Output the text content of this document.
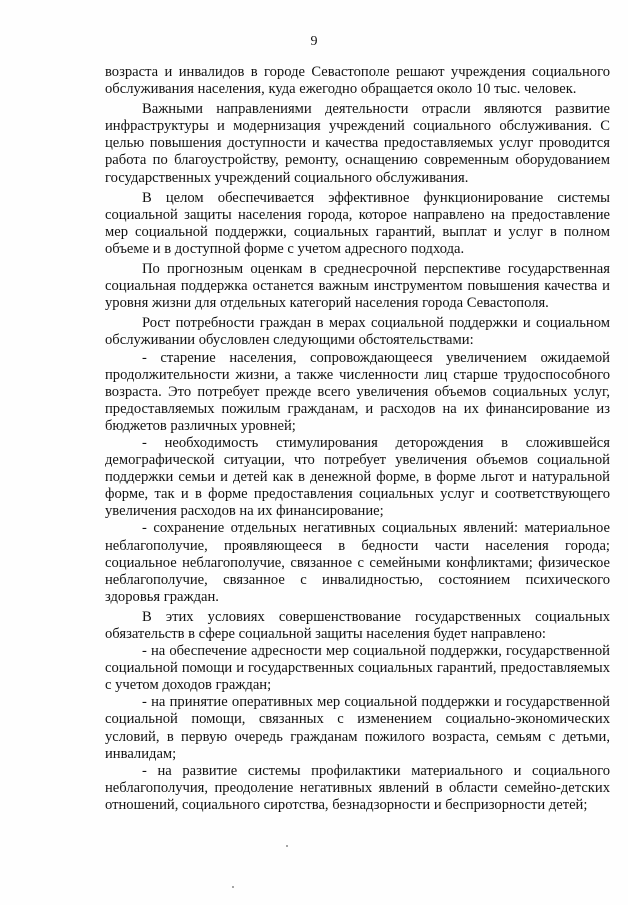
9

возраста и инвалидов в городе Севастополе решают учреждения социального обслуживания населения, куда ежегодно обращается около 10 тыс. человек.

Важными направлениями деятельности отрасли являются развитие инфраструктуры и модернизация учреждений социального обслуживания. С целью повышения доступности и качества предоставляемых услуг проводится работа по благоустройству, ремонту, оснащению современным оборудованием государственных учреждений социального обслуживания.

В целом обеспечивается эффективное функционирование системы социальной защиты населения города, которое направлено на предоставление мер социальной поддержки, социальных гарантий, выплат и услуг в полном объеме и в доступной форме с учетом адресного подхода.

По прогнозным оценкам в среднесрочной перспективе государственная социальная поддержка останется важным инструментом повышения качества и уровня жизни для отдельных категорий населения города Севастополя.

Рост потребности граждан в мерах социальной поддержки и социальном обслуживании обусловлен следующими обстоятельствами:

- старение населения, сопровождающееся увеличением ожидаемой продолжительности жизни, а также численности лиц старше трудоспособного возраста. Это потребует прежде всего увеличения объемов социальных услуг, предоставляемых пожилым гражданам, и расходов на их финансирование из бюджетов различных уровней;

- необходимость стимулирования деторождения в сложившейся демографической ситуации, что потребует увеличения объемов социальной поддержки семьи и детей как в денежной форме, в форме льгот и натуральной форме, так и в форме предоставления социальных услуг и соответствующего увеличения расходов на их финансирование;

- сохранение отдельных негативных социальных явлений: материальное неблагополучие, проявляющееся в бедности части населения города; социальное неблагополучие, связанное с семейными конфликтами; физическое неблагополучие, связанное с инвалидностью, состоянием психического здоровья граждан.

В этих условиях совершенствование государственных социальных обязательств в сфере социальной защиты населения будет направлено:

- на обеспечение адресности мер социальной поддержки, государственной социальной помощи и государственных социальных гарантий, предоставляемых с учетом доходов граждан;

- на принятие оперативных мер социальной поддержки и государственной социальной помощи, связанных с изменением социально-экономических условий, в первую очередь гражданам пожилого возраста, семьям с детьми, инвалидам;

- на развитие системы профилактики материального и социального неблагополучия, преодоление негативных явлений в области семейно-детских отношений, социального сиротства, безнадзорности и беспризорности детей;
